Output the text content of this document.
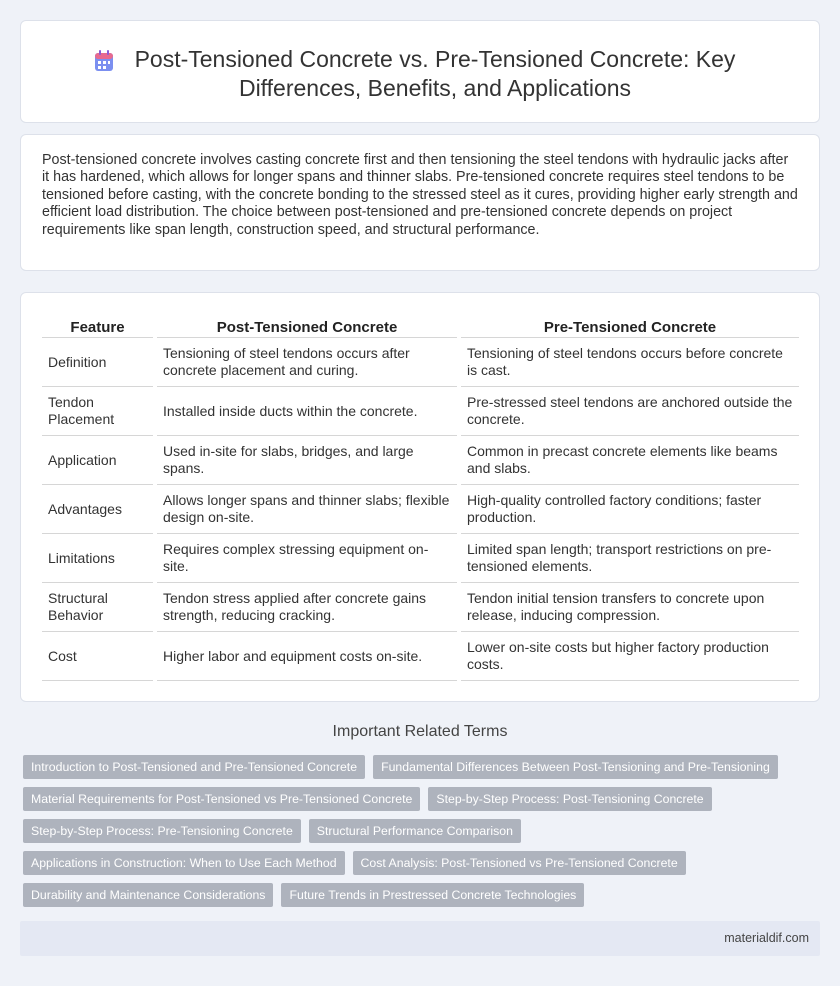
Post-Tensioned Concrete vs. Pre-Tensioned Concrete: Key Differences, Benefits, and Applications

Post-tensioned concrete involves casting concrete first and then tensioning the steel tendons with hydraulic jacks after it has hardened, which allows for longer spans and thinner slabs. Pre-tensioned concrete requires steel tendons to be tensioned before casting, with the concrete bonding to the stressed steel as it cures, providing higher early strength and efficient load distribution. The choice between post-tensioned and pre-tensioned concrete depends on project requirements like span length, construction speed, and structural performance.

Feature		Post-Tensioned Concrete		Pre-Tensioned Concrete
Definition		Tensioning of steel tendons occurs after concrete placement and curing.		Tensioning of steel tendons occurs before concrete is cast.
Tendon Placement		Installed inside ducts within the concrete.		Pre-stressed steel tendons are anchored outside the concrete.
Application		Used in-site for slabs, bridges, and large spans.		Common in precast concrete elements like beams and slabs.
Advantages		Allows longer spans and thinner slabs; flexible design on-site.		High-quality controlled factory conditions; faster production.
Limitations		Requires complex stressing equipment on-site.		Limited span length; transport restrictions on pre-tensioned elements.
Structural Behavior		Tendon stress applied after concrete gains strength, reducing cracking.		Tendon initial tension transfers to concrete upon release, inducing compression.
Cost		Higher labor and equipment costs on-site.		Lower on-site costs but higher factory production costs.
Important Related Terms
Introduction to Post-Tensioned and Pre-Tensioned Concrete	Fundamental Differences Between Post-Tensioning and Pre-Tensioning
Material Requirements for Post-Tensioned vs Pre-Tensioned Concrete	Step-by-Step Process: Post-Tensioning Concrete
Step-by-Step Process: Pre-Tensioning Concrete	Structural Performance Comparison
Applications in Construction: When to Use Each Method	Cost Analysis: Post-Tensioned vs Pre-Tensioned Concrete
Durability and Maintenance Considerations	Future Trends in Prestressed Concrete Technologies
materialdif.com
